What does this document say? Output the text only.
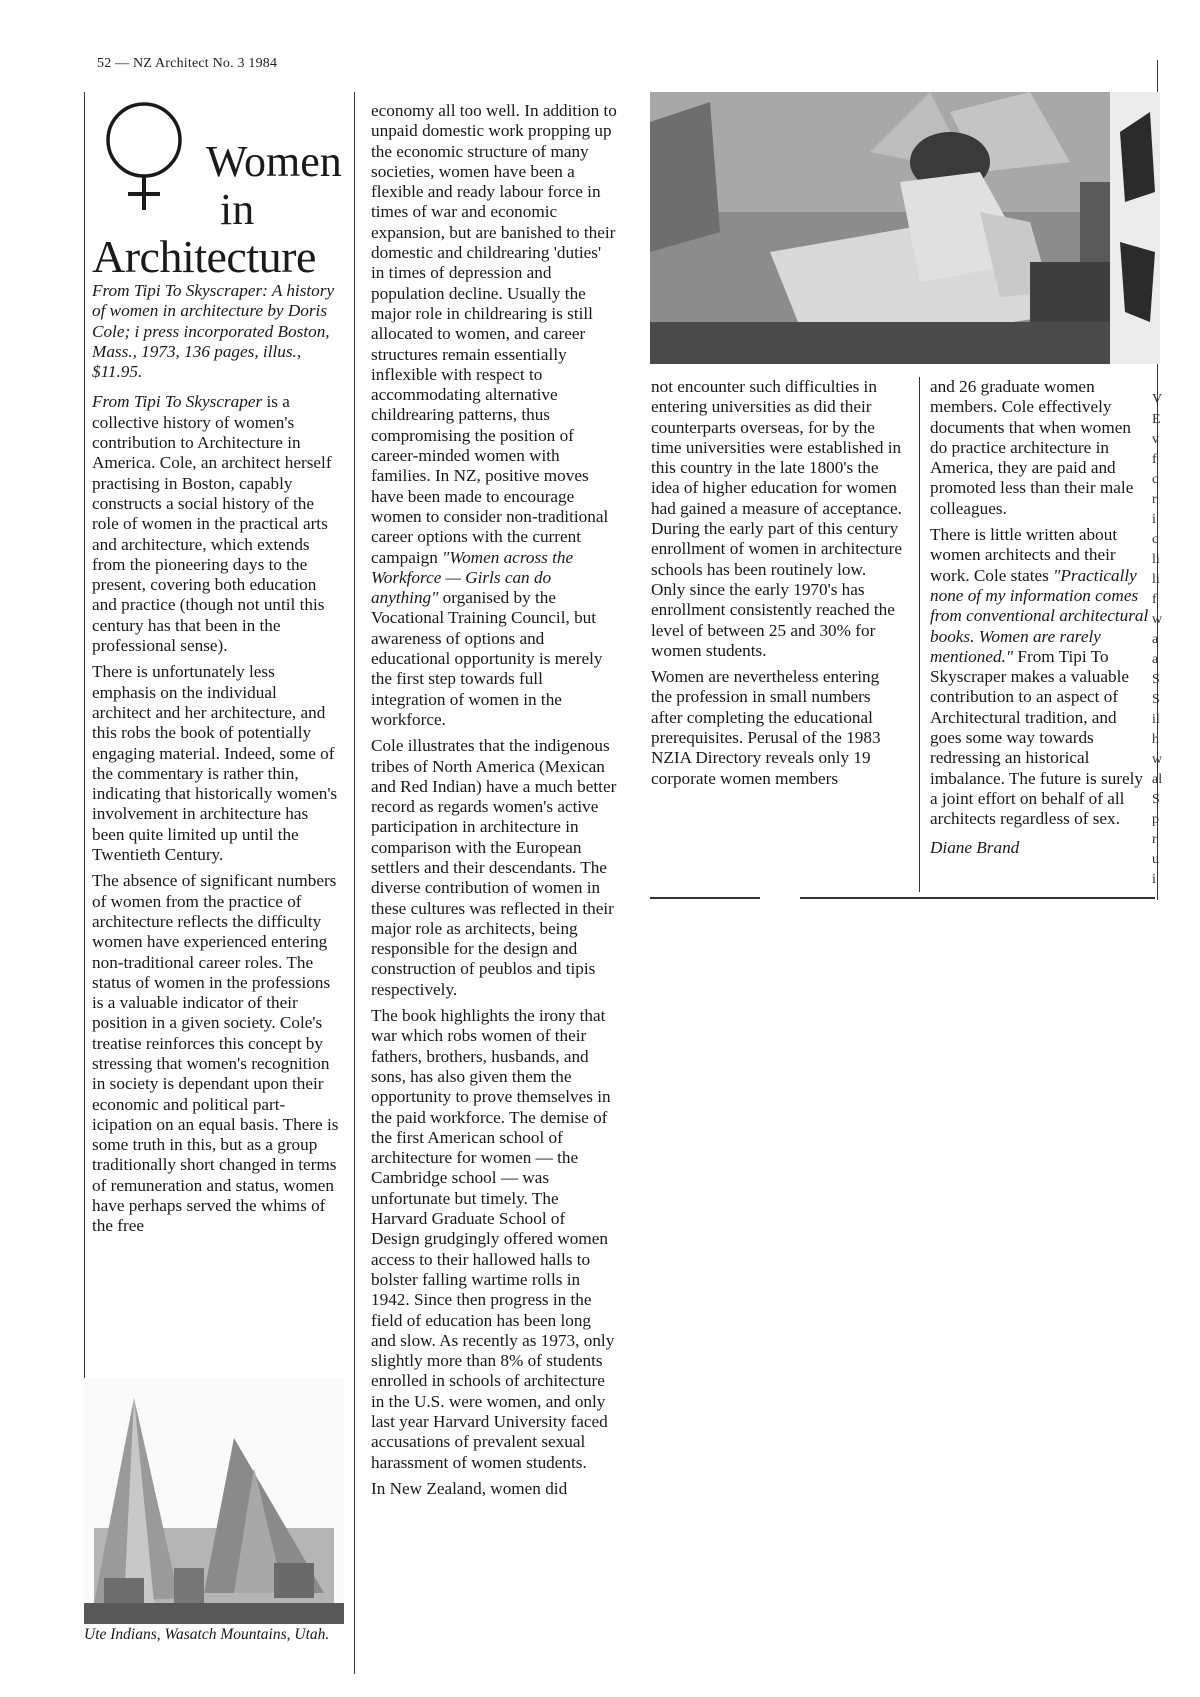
52 — NZ Architect No. 3 1984
Women
in
Architecture

From Tipi To Skyscraper: A history of women in architecture by Doris Cole; i press incorporated Boston, Mass., 1973, 136 pages, illus., $11.95.

From Tipi To Skyscraper is a collective history of women's contribution to Architecture in America. Cole, an architect herself practising in Boston, capably constructs a social history of the role of women in the practical arts and architecture, which extends from the pioneering days to the present, covering both education and practice (though not until this century has that been in the professional sense).

There is unfortunately less emphasis on the individual architect and her architecture, and this robs the book of potentially engaging material. Indeed, some of the commentary is rather thin, indicating that historically women's involvement in architecture has been quite limited up until the Twentieth Century.

The absence of significant numbers of women from the practice of architecture reflects the difficulty women have experienced entering non-traditional career roles. The status of women in the professions is a valuable indicator of their position in a given society. Cole's treatise reinforces this concept by stressing that women's recognition in society is dependant upon their economic and political part-icipation on an equal basis. There is some truth in this, but as a group traditionally short changed in terms of remuneration and status, women have perhaps served the whims of the free

Ute Indians, Wasatch Mountains, Utah.

economy all too well. In addition to unpaid domestic work propping up the economic structure of many societies, women have been a flexible and ready labour force in times of war and economic expansion, but are banished to their domestic and childrearing 'duties' in times of depression and population decline. Usually the major role in childrearing is still allocated to women, and career structures remain essentially inflexible with respect to accommodating alternative childrearing patterns, thus compromising the position of career-minded women with families. In NZ, positive moves have been made to encourage women to consider non-traditional career options with the current campaign "Women across the Workforce — Girls can do anything" organised by the Vocational Training Council, but awareness of options and educational opportunity is merely the first step towards full integration of women in the workforce.

Cole illustrates that the indigenous tribes of North America (Mexican and Red Indian) have a much better record as regards women's active participation in architecture in comparison with the European settlers and their descendants. The diverse contribution of women in these cultures was reflected in their major role as architects, being responsible for the design and construction of peublos and tipis respectively.

The book highlights the irony that war which robs women of their fathers, brothers, husbands, and sons, has also given them the opportunity to prove themselves in the paid workforce. The demise of the first American school of architecture for women — the Cambridge school — was unfortunate but timely. The Harvard Graduate School of Design grudgingly offered women access to their hallowed halls to bolster falling wartime rolls in 1942. Since then progress in the field of education has been long and slow. As recently as 1973, only slightly more than 8% of students enrolled in schools of architecture in the U.S. were women, and only last year Harvard University faced accusations of prevalent sexual harassment of women students.

In New Zealand, women did

not encounter such difficulties in entering universities as did their counterparts overseas, for by the time universities were established in this country in the late 1800's the idea of higher education for women had gained a measure of acceptance. During the early part of this century enrollment of women in architecture schools has been routinely low. Only since the early 1970's has enrollment consistently reached the level of between 25 and 30% for women students.

Women are nevertheless entering the profession in small numbers after completing the educational prerequisites. Perusal of the 1983 NZIA Directory reveals only 19 corporate women members

and 26 graduate women members. Cole effectively documents that when women do practice architecture in America, they are paid and promoted less than their male colleagues.

There is little written about women architects and their work. Cole states "Practically none of my information comes from conventional architectural books. Women are rarely mentioned." From Tipi To Skyscraper makes a valuable contribution to an aspect of Architectural tradition, and goes some way towards redressing an historical imbalance. The future is surely a joint effort on behalf of all architects regardless of sex.

Diane Brand

V
E
v
f
c
r
i
c
li
li
f
w
a
a
S
S
il
h
w
al
S
p
r
u
i
